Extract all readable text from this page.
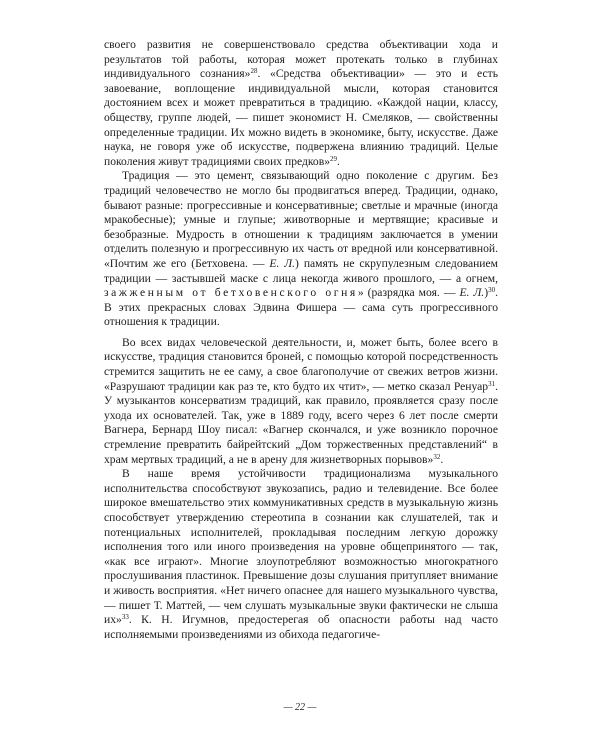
своего развития не совершенствовало средства объективации хода и результатов той работы, которая может протекать только в глубинах индивидуального сознания»$^{28}$. «Средства объективации» — это и есть завоевание, воплощение индивидуальной мысли, которая становится достоянием всех и может превратиться в традицию. «Каждой нации, классу, обществу, группе людей, — пишет экономист Н. Смеляков, — свойственны определенные традиции. Их можно видеть в экономике, быту, искусстве. Даже наука, не говоря уже об искусстве, подвержена влиянию традиций. Целые поколения живут традициями своих предков»$^{29}$.

Традиция — это цемент, связывающий одно поколение с другим. Без традиций человечество не могло бы продвигаться вперед. Традиции, однако, бывают разные: прогрессивные и консервативные; светлые и мрачные (иногда мракобесные); умные и глупые; животворные и мертвящие; красивые и безобразные. Мудрость в отношении к традициям заключается в умении отделить полезную и прогрессивную их часть от вредной или консервативной. «Почтим же его (Бетховена. — Е. Л.) память не скрупулезным следованием традиции — застывшей маске с лица некогда живого прошлого, — а огнем, зажженным от бетховенского огня» (разрядка моя. — Е. Л.)$^{30}$. В этих прекрасных словах Эдвина Фишера — сама суть прогрессивного отношения к традиции.

Во всех видах человеческой деятельности, и, может быть, более всего в искусстве, традиция становится броней, с помощью которой посредственность стремится защитить не ее саму, а свое благополучие от свежих ветров жизни. «Разрушают традиции как раз те, кто будто их чтит», — метко сказал Ренуар$^{31}$. У музыкантов консерватизм традиций, как правило, проявляется сразу после ухода их основателей. Так, уже в 1889 году, всего через 6 лет после смерти Вагнера, Бернард Шоу писал: «Вагнер скончался, и уже возникло порочное стремление превратить байрейтский „Дом торжественных представлений“ в храм мертвых традиций, а не в арену для жизнетворных порывов»$^{32}$.

В наше время устойчивости традиционализма музыкального исполнительства способствуют звукозапись, радио и телевидение. Все более широкое вмешательство этих коммуникативных средств в музыкальную жизнь способствует утверждению стереотипа в сознании как слушателей, так и потенциальных исполнителей, прокладывая последним легкую дорожку исполнения того или иного произведения на уровне общепринятого — так, «как все играют». Многие злоупотребляют возможностью многократного прослушивания пластинок. Превышение дозы слушания притупляет внимание и живость восприятия. «Нет ничего опаснее для нашего музыкального чувства, — пишет Т. Маттей, — чем слушать музыкальные звуки фактически не слыша их»$^{33}$. К. Н. Игумнов, предостерегая об опасности работы над часто исполняемыми произведениями из обихода педагогиче-

— 22 —
